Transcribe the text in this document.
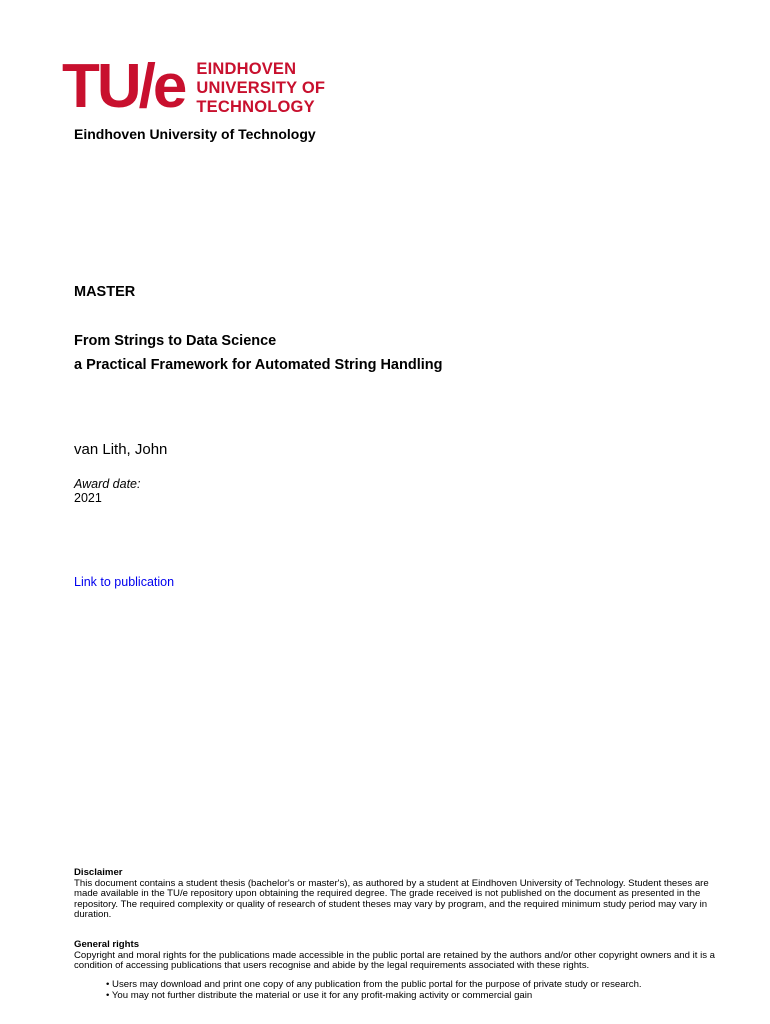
TU/e EINDHOVEN
UNIVERSITY OF
TECHNOLOGY
Eindhoven University of Technology
MASTER
From Strings to Data Science
a Practical Framework for Automated String Handling
van Lith, John
Award date:
2021
Link to publication
Disclaimer
This document contains a student thesis (bachelor's or master's), as authored by a student at Eindhoven University of Technology. Student theses are made available in the TU/e repository upon obtaining the required degree. The grade received is not published on the document as presented in the repository. The required complexity or quality of research of student theses may vary by program, and the required minimum study period may vary in duration.
General rights
Copyright and moral rights for the publications made accessible in the public portal are retained by the authors and/or other copyright owners and it is a condition of accessing publications that users recognise and abide by the legal requirements associated with these rights.
• Users may download and print one copy of any publication from the public portal for the purpose of private study or research.
• You may not further distribute the material or use it for any profit-making activity or commercial gain
